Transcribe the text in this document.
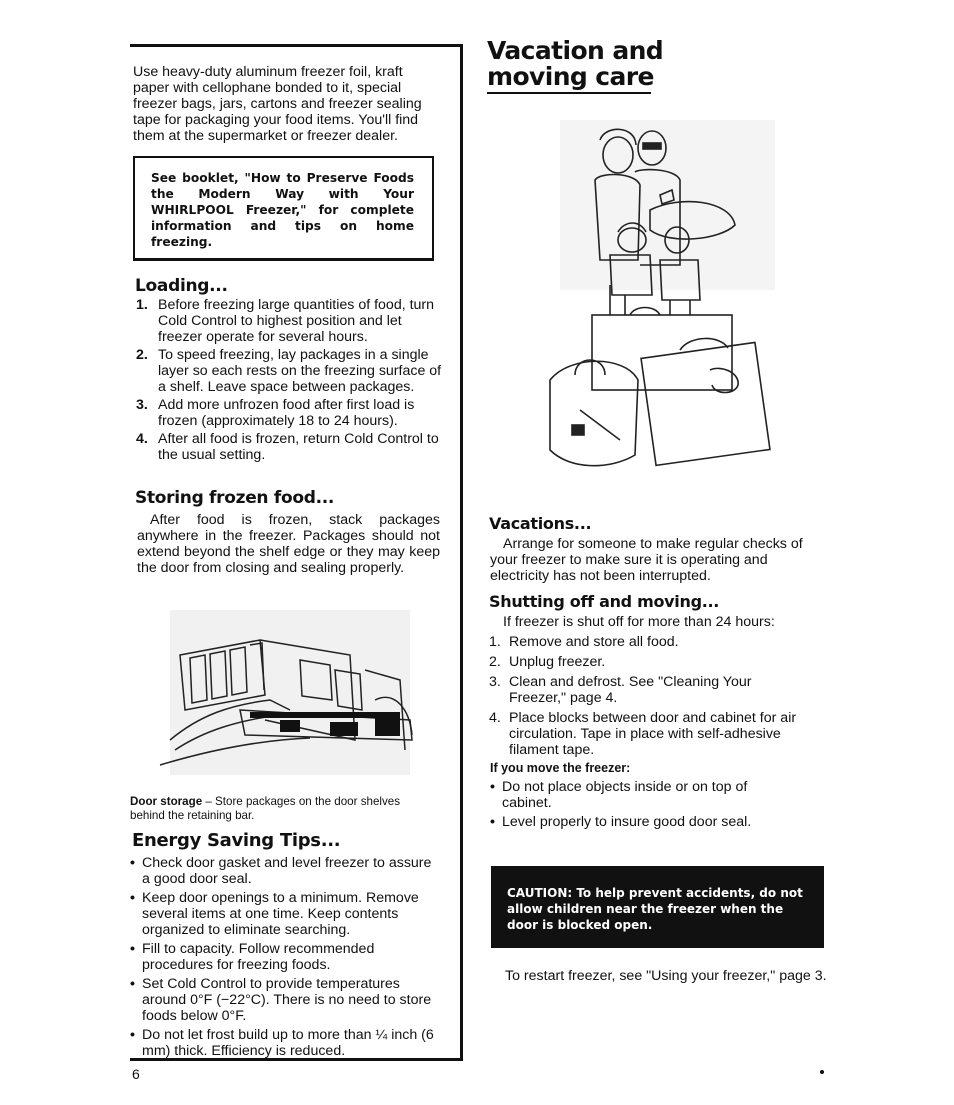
Use heavy-duty aluminum freezer foil, kraft paper with cellophane bonded to it, special freezer bags, jars, cartons and freezer sealing tape for packaging your food items. You'll find them at the supermarket or freezer dealer.

See booklet, "How to Preserve Foods the Modern Way with Your WHIRLPOOL Freezer," for complete information and tips on home freezing.

Loading...
1. Before freezing large quantities of food, turn Cold Control to highest position and let freezer operate for several hours.
2. To speed freezing, lay packages in a single layer so each rests on the freezing surface of a shelf. Leave space between packages.
3. Add more unfrozen food after first load is frozen (approximately 18 to 24 hours).
4. After all food is frozen, return Cold Control to the usual setting.
Storing frozen food...

After food is frozen, stack packages anywhere in the freezer. Packages should not extend beyond the shelf edge or they may keep the door from closing and sealing properly.

Door storage – Store packages on the door shelves behind the retaining bar.

Energy Saving Tips...
• Check door gasket and level freezer to assure a good door seal.
• Keep door openings to a minimum. Remove several items at one time. Keep contents organized to eliminate searching.
• Fill to capacity. Follow recommended procedures for freezing foods.
• Set Cold Control to provide temperatures around 0°F (−22°C). There is no need to store foods below 0°F.
• Do not let frost build up to more than ¼ inch (6 mm) thick. Efficiency is reduced.
6
Vacation and
moving care
Vacations...

Arrange for someone to make regular checks of your freezer to make sure it is operating and electricity has not been interrupted.

Shutting off and moving...

If freezer is shut off for more than 24 hours:

1. Remove and store all food.
2. Unplug freezer.
3. Clean and defrost. See "Cleaning Your Freezer," page 4.
4. Place blocks between door and cabinet for air circulation. Tape in place with self-adhesive filament tape.
If you move the freezer:
• Do not place objects inside or on top of cabinet.
• Level properly to insure good door seal.

CAUTION: To help prevent accidents, do not allow children near the freezer when the door is blocked open.

To restart freezer, see "Using your freezer," page 3.
